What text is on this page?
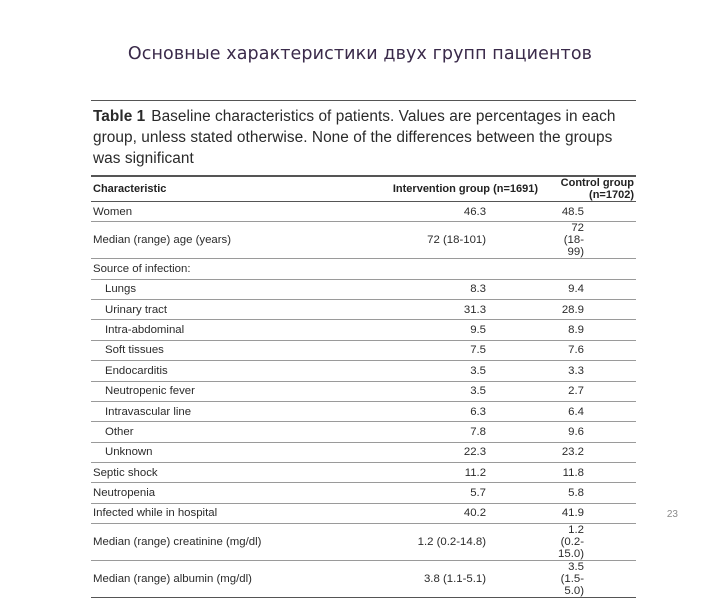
Основные характеристики двух групп пациентов
Table 1 Baseline characteristics of patients. Values are percentages in each group, unless stated otherwise. None of the differences between the groups was significant
Characteristic	Intervention group (n=1691)	Control group (n=1702)
Women	46.3	48.5
Median (range) age (years)	72 (18-101)	72 (18-99)
Source of infection:		
Lungs	8.3	9.4
Urinary tract	31.3	28.9
Intra-abdominal	9.5	8.9
Soft tissues	7.5	7.6
Endocarditis	3.5	3.3
Neutropenic fever	3.5	2.7
Intravascular line	6.3	6.4
Other	7.8	9.6
Unknown	22.3	23.2
Septic shock	11.2	11.8
Neutropenia	5.7	5.8
Infected while in hospital	40.2	41.9
Median (range) creatinine (mg/dl)	1.2 (0.2-14.8)	1.2 (0.2-15.0)
Median (range) albumin (mg/dl)	3.8 (1.1-5.1)	3.5 (1.5-5.0)
23
